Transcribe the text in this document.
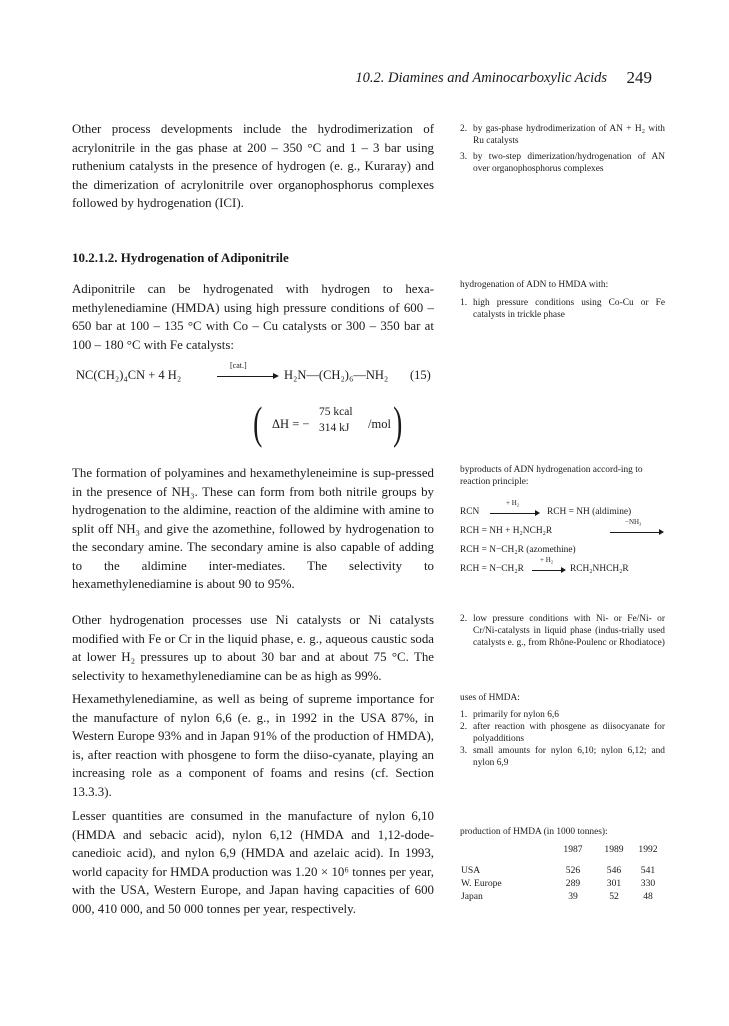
10.2. Diamines and Aminocarboxylic Acids 249

Other process developments include the hydrodimerization of acrylonitrile in the gas phase at 200 – 350 °C and 1 – 3 bar using ruthenium catalysts in the presence of hydrogen (e. g., Kuraray) and the dimerization of acrylonitrile over organophosphorus complexes followed by hydrogenation (ICI).

10.2.1.2. Hydrogenation of Adiponitrile

Adiponitrile can be hydrogenated with hydrogen to hexa-methylenediamine (HMDA) using high pressure conditions of 600 – 650 bar at 100 – 135 °C with Co – Cu catalysts or 300 – 350 bar at 100 – 180 °C with Fe catalysts:

NC(CH₂)₄CN + 4 H₂
[cat.]
H₂N—(CH₂)₆—NH₂ (15)
( ΔH = −
75 kcal
314 kJ /mol )

The formation of polyamines and hexamethyleneimine is sup-pressed in the presence of NH₃. These can form from both nitrile groups by hydrogenation to the aldimine, reaction of the aldimine with amine to split off NH₃ and give the azomethine, followed by hydrogenation to the secondary amine. The secondary amine is also capable of adding to the aldimine inter-mediates. The selectivity to hexamethylenediamine is about 90 to 95%.

Other hydrogenation processes use Ni catalysts or Ni catalysts modified with Fe or Cr in the liquid phase, e. g., aqueous caustic soda at lower H₂ pressures up to about 30 bar and at about 75 °C. The selectivity to hexamethylenediamine can be as high as 99%.

Hexamethylenediamine, as well as being of supreme importance for the manufacture of nylon 6,6 (e. g., in 1992 in the USA 87%, in Western Europe 93% and in Japan 91% of the production of HMDA), is, after reaction with phosgene to form the diiso-cyanate, playing an increasing role as a component of foams and resins (cf. Section 13.3.3).

Lesser quantities are consumed in the manufacture of nylon 6,10 (HMDA and sebacic acid), nylon 6,12 (HMDA and 1,12-dode-canedioic acid), and nylon 6,9 (HMDA and azelaic acid). In 1993, world capacity for HMDA production was 1.20 × 10⁶ tonnes per year, with the USA, Western Europe, and Japan having capacities of 600 000, 410 000, and 50 000 tonnes per year, respectively.

2. by gas-phase hydrodimerization of AN + H₂ with Ru catalysts
3. by two-step dimerization/hydrogenation of AN over organophosphorus complexes
hydrogenation of ADN to HMDA with:
1. high pressure conditions using Co-Cu or Fe catalysts in trickle phase
byproducts of ADN hydrogenation accord-ing to reaction principle:
RCN
+ H₂
RCH = NH (aldimine)
RCH = NH + H₂NCH₂R
−NH₃
RCH = N−CH₂R (azomethine)
RCH = N−CH₂R
+ H₂
→ RCH₂NHCH₂R
2. low pressure conditions with Ni- or Fe/Ni- or Cr/Ni-catalysts in liquid phase (indus-trially used catalysts e. g., from Rhône-Poulenc or Rhodiatoce)
uses of HMDA:
1. primarily for nylon 6,6
2. after reaction with phosgene as diisocyanate for polyadditions
3. small amounts for nylon 6,10; nylon 6,12; and nylon 6,9
production of HMDA (in 1000 tonnes):
		1987	1989	1992

USA		526	546	541
W. Europe		289	301	330
Japan		39	52	48
